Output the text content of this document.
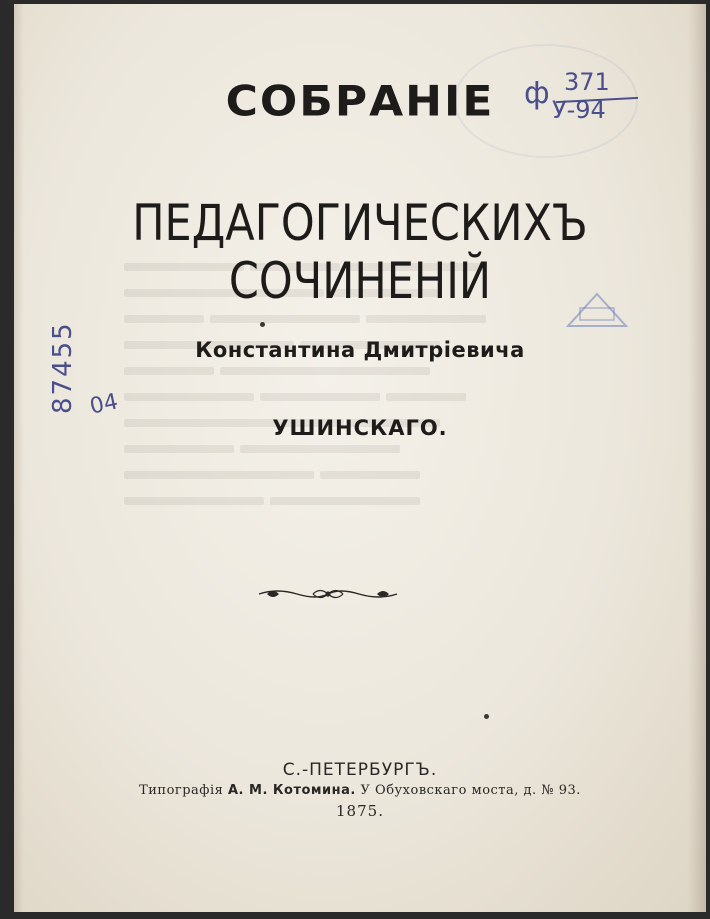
СОБРАНІЕ
ПЕДАГОГИЧЕСКИХЪ СОЧИНЕНІЙ
Константина Дмитріевича
УШИНСКАГО.
С.-ПЕТЕРБУРГЪ.
Типографія А. М. Котомина. У Обуховскаго моста, д. № 93.
1875.
ф 371
У-94
87455 04
